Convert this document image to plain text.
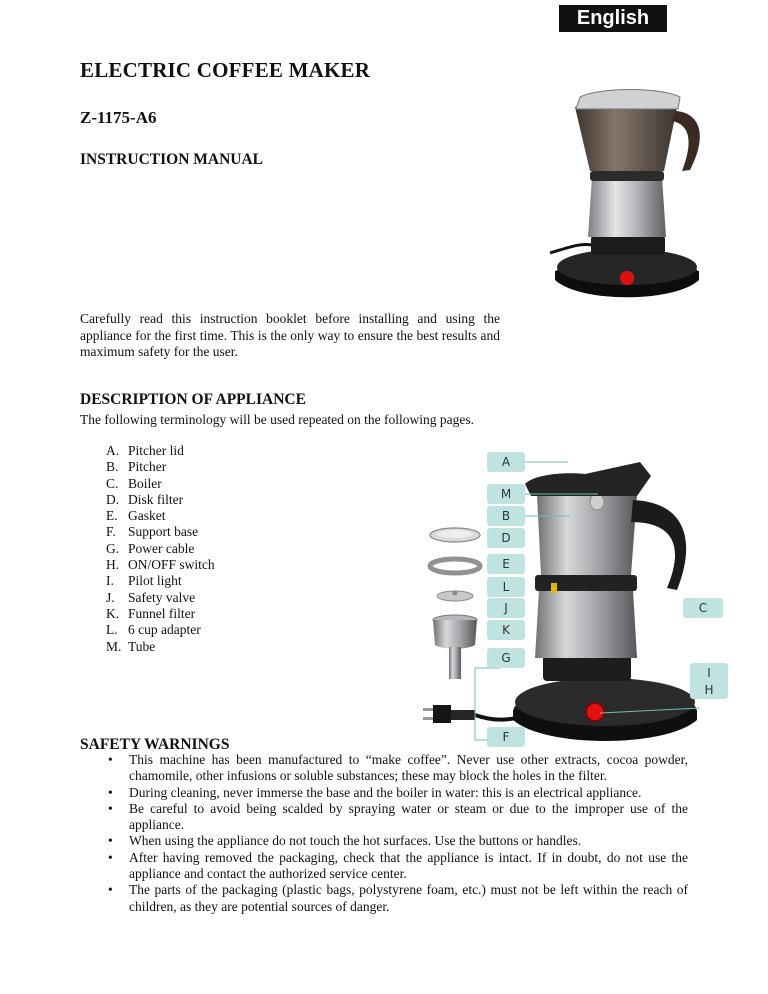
English
ELECTRIC COFFEE MAKER
Z-1175-A6
INSTRUCTION MANUAL
Carefully read this instruction booklet before installing and using the appliance for the first time. This is the only way to ensure the best results and maximum safety for the user.
DESCRIPTION OF APPLIANCE
The following terminology will be used repeated on the following pages.
A. Pitcher lid
B. Pitcher
C. Boiler
D. Disk filter
E. Gasket
F. Support base
G. Power cable
H. ON/OFF switch
I.	Pilot light
J. Safety valve
K. Funnel filter
L. 6 cup adapter
M. Tube
A
M
B
D
E
L
J
K
G
C
I
H
F
SAFETY WARNINGS
• This machine has been manufactured to “make coffee”. Never use other extracts, cocoa powder, chamomile, other infusions or soluble substances; these may block the holes in the filter.
• During cleaning, never immerse the base and the boiler in water: this is an electrical appliance.
• Be careful to avoid being scalded by spraying water or steam or due to the improper use of the appliance.
• When using the appliance do not touch the hot surfaces. Use the buttons or handles.
• After having removed the packaging, check that the appliance is intact. If in doubt, do not use the appliance and contact the authorized service center.
• The parts of the packaging (plastic bags, polystyrene foam, etc.) must not be left within the reach of children, as they are potential sources of danger.
